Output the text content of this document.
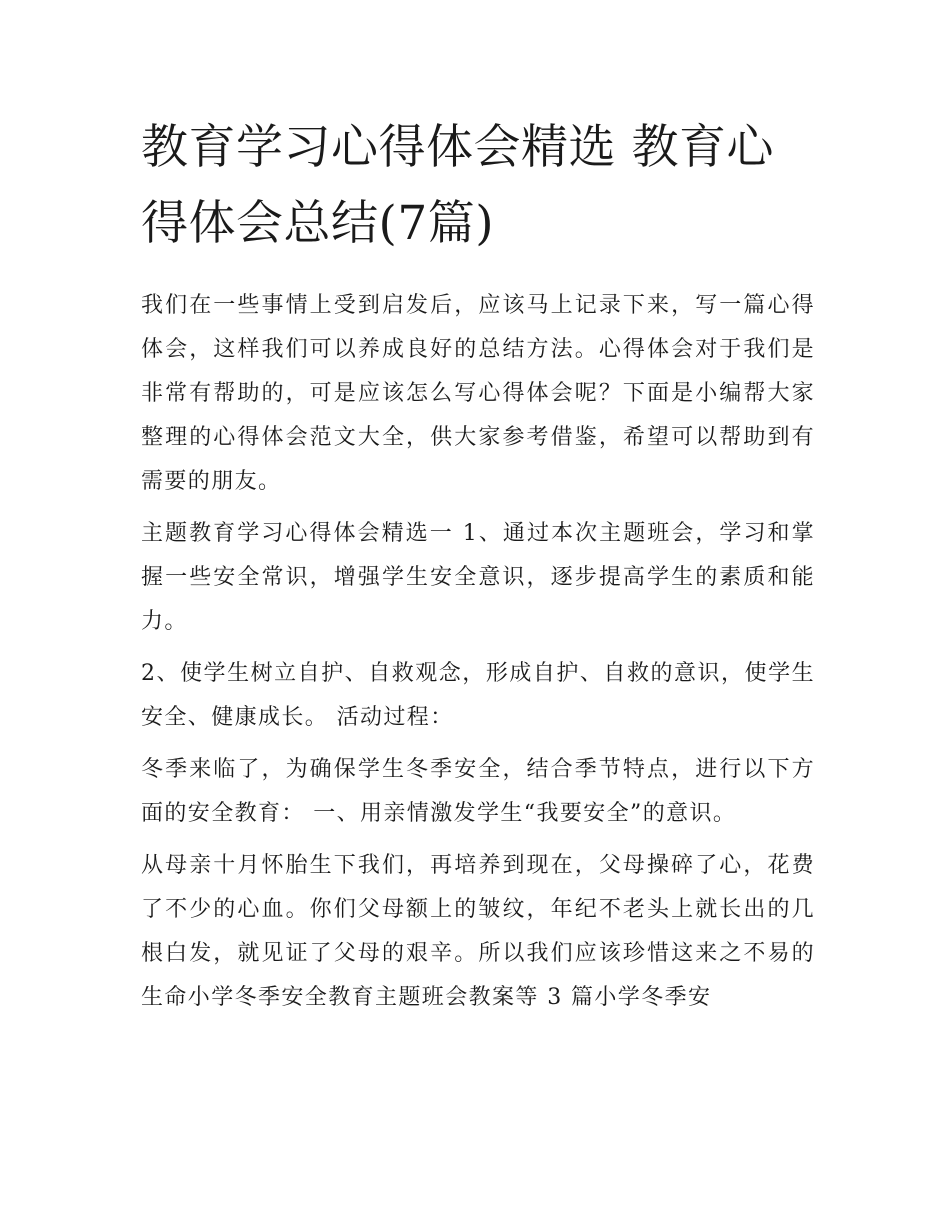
教育学习心得体会精选 教育心
得体会总结(7篇)

我们在一些事情上受到启发后，应该马上记录下来，写一篇心得体会，这样我们可以养成良好的总结方法。心得体会对于我们是非常有帮助的，可是应该怎么写心得体会呢？下面是小编帮大家整理的心得体会范文大全，供大家参考借鉴，希望可以帮助到有需要的朋友。

主题教育学习心得体会精选一 1、通过本次主题班会，学习和掌握一些安全常识，增强学生安全意识，逐步提高学生的素质和能力。

2、使学生树立自护、自救观念，形成自护、自救的意识，使学生安全、健康成长。 活动过程：

冬季来临了，为确保学生冬季安全，结合季节特点，进行以下方面的安全教育： 一、用亲情激发学生“我要安全”的意识。

从母亲十月怀胎生下我们，再培养到现在，父母操碎了心，花费了不少的心血。你们父母额上的皱纹，年纪不老头上就长出的几根白发，就见证了父母的艰辛。所以我们应该珍惜这来之不易的生命小学冬季安全教育主题班会教案等 3 篇小学冬季安
